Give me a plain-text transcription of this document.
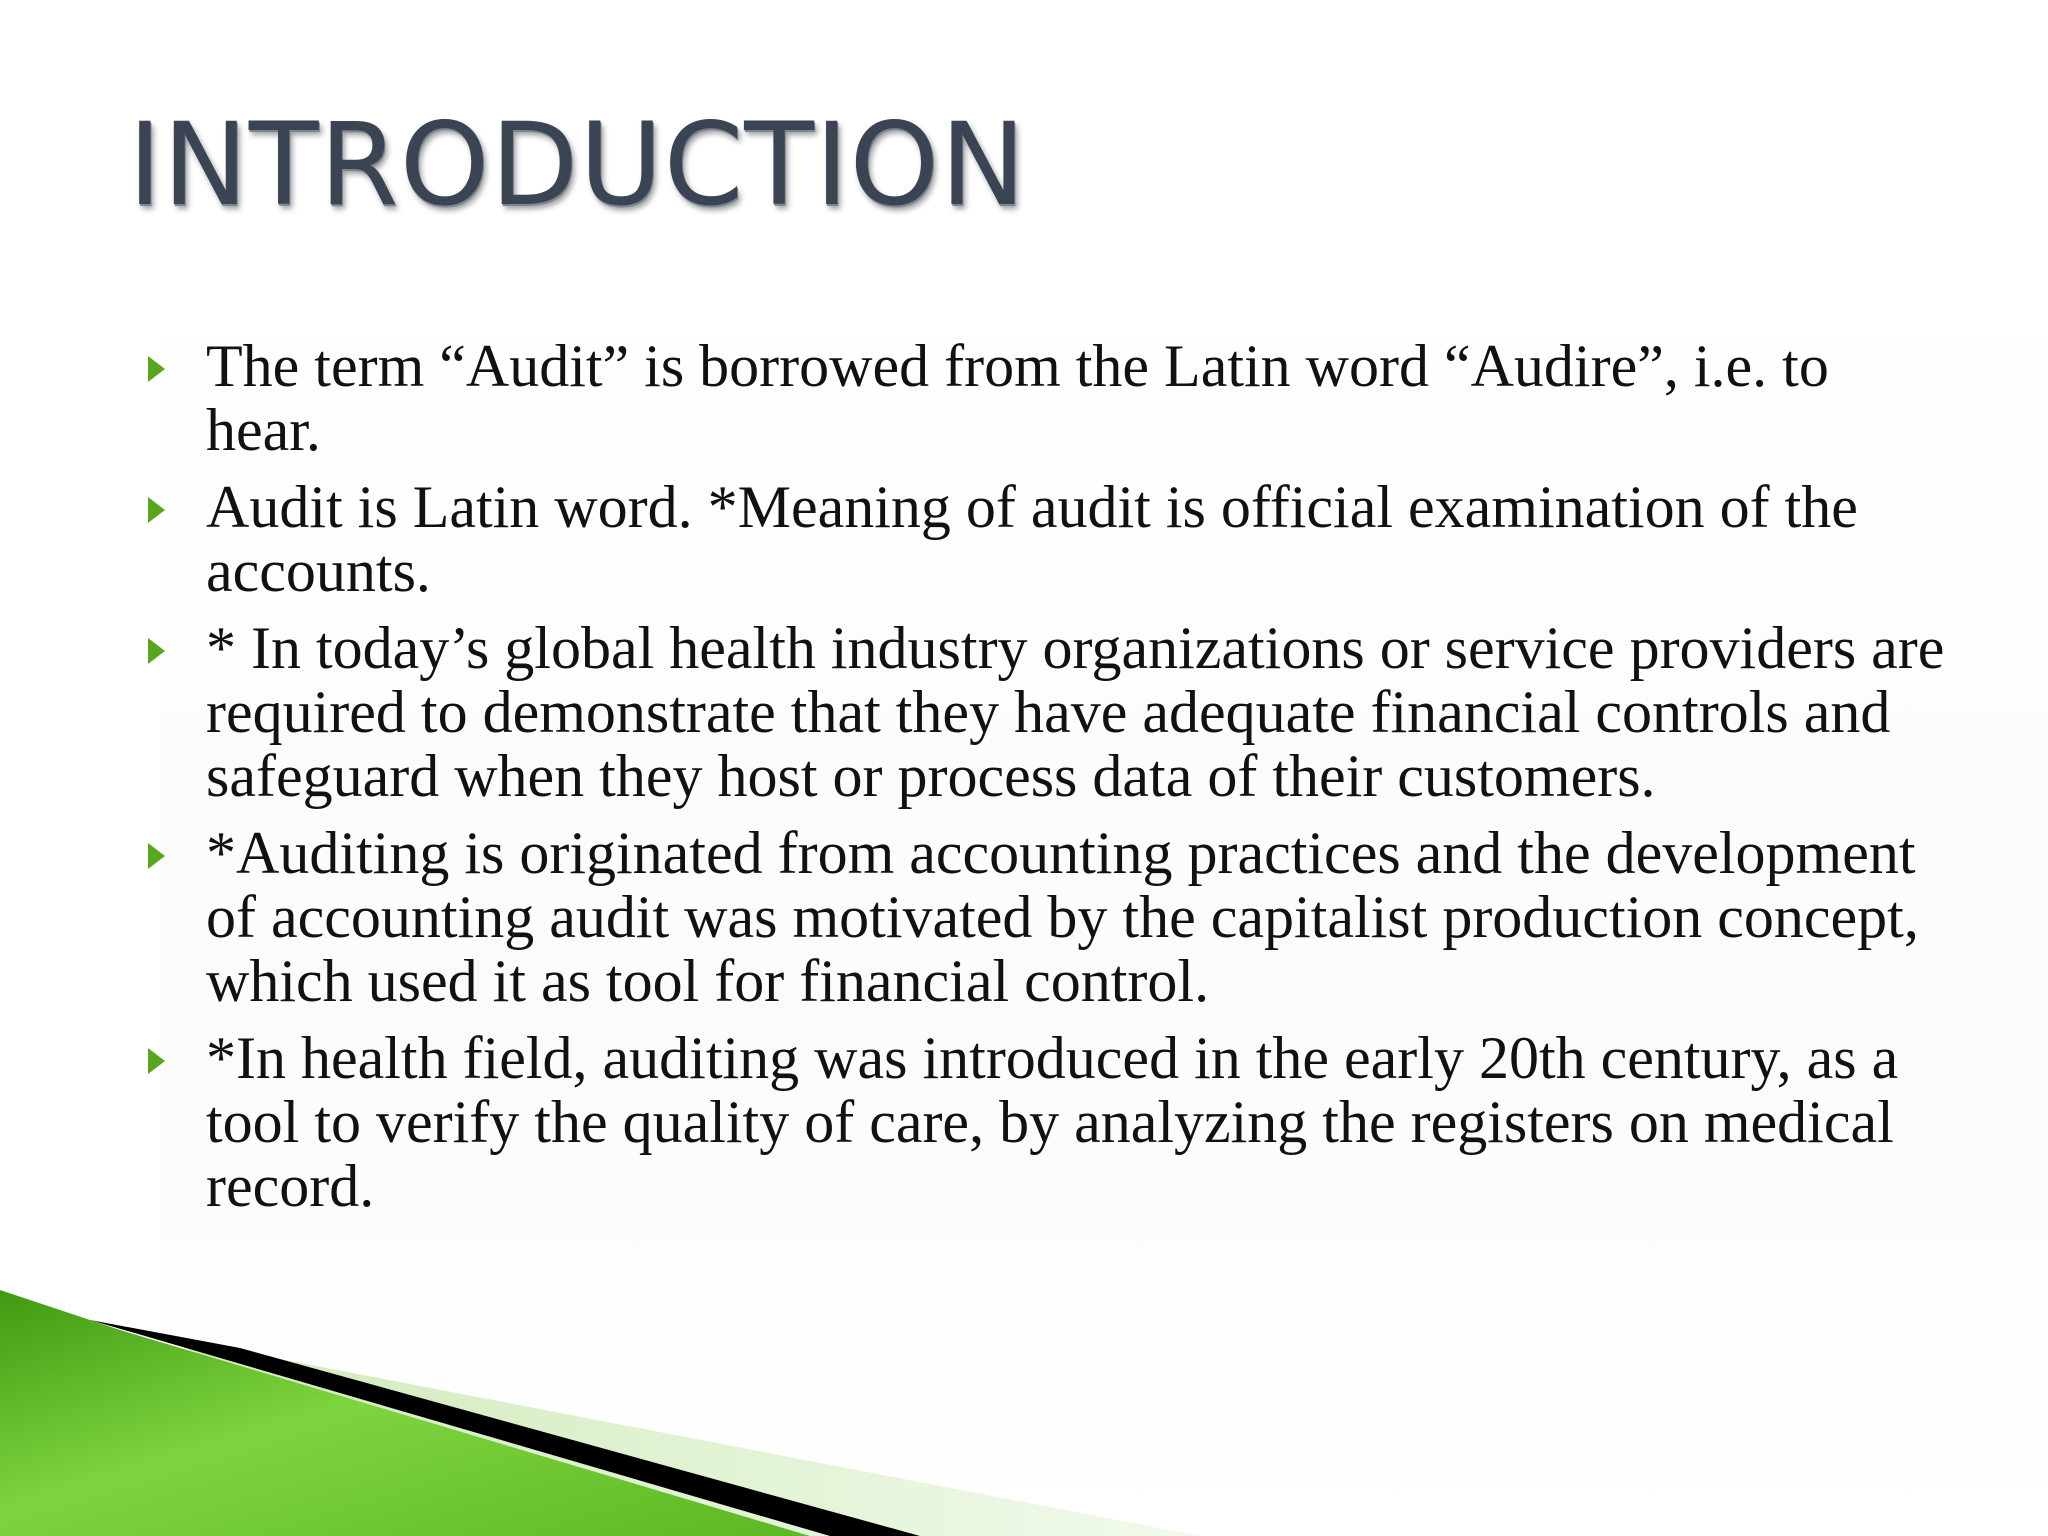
INTRODUCTION
The term “Audit” is borrowed from the Latin word “Audire”, i.e. to hear.
Audit is Latin word. *Meaning of audit is official examination of the accounts.
* In today’s global health industry organizations or service providers are required to demonstrate that they have adequate financial controls and safeguard when they host or process data of their customers.
*Auditing is originated from accounting practices and the development of accounting audit was motivated by the capitalist production concept, which used it as tool for financial control.
*In health field, auditing was introduced in the early 20th century, as a tool to verify the quality of care, by analyzing the registers on medical record.
